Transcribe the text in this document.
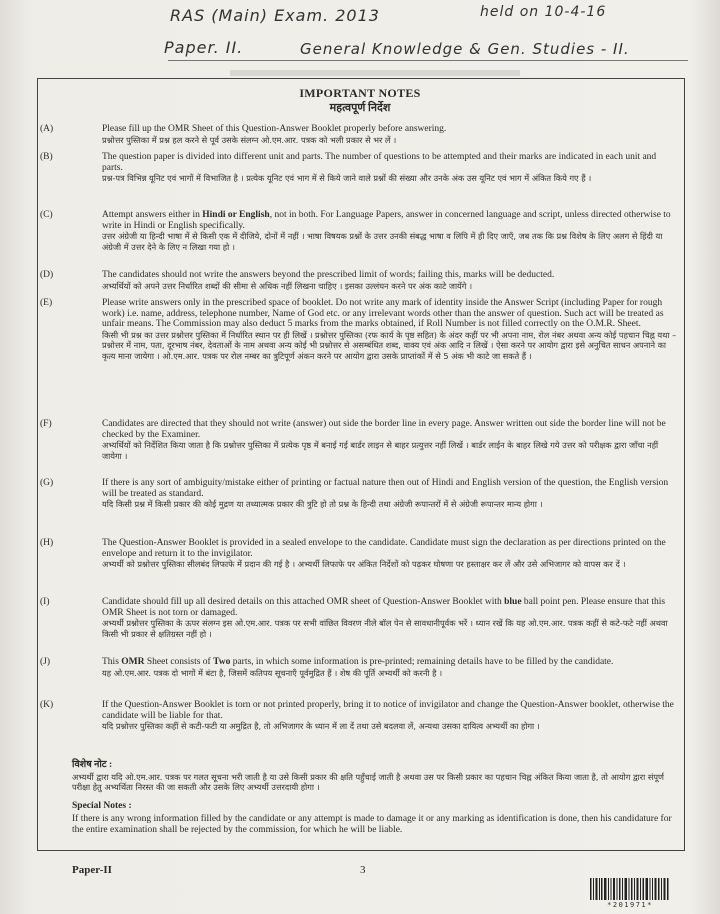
RAS (Main) Exam. 2013	held on 10-4-16
Paper. II.	General Knowledge & Gen. Studies - II.
IMPORTANT NOTES
महत्वपूर्ण निर्देश
(A)	Please fill up the OMR Sheet of this Question-Answer Booklet properly before answering.

प्रश्नोत्तर पुस्तिका में प्रश्न हल करने से पूर्व उसके संलग्न ओ.एम.आर. पत्रक को भली प्रकार से भर लें ।

(B)	The question paper is divided into different unit and parts. The number of questions to be attempted and their marks are indicated in each unit and parts.

प्रश्न-पत्र विभिन्न यूनिट एवं भागों में विभाजित है । प्रत्येक यूनिट एवं भाग में से किये जाने वाले प्रश्नों की संख्या और उनके अंक उस यूनिट एवं भाग में अंकित किये गए हैं ।

(C)	Attempt answers either in Hindi or English, not in both. For Language Papers, answer in concerned language and script, unless directed otherwise to write in Hindi or English specifically.

उत्तर अंग्रेजी या हिन्दी भाषा में से किसी एक में दीजिये, दोनों में नहीं । भाषा विषयक प्रश्नों के उत्तर उनकी संबद्ध भाषा व लिपि में ही दिए जाएँ, जब तक कि प्रश्न विशेष के लिए अलग से हिंदी या अंग्रेजी में उत्तर देने के लिए न लिखा गया हो ।

(D)	The candidates should not write the answers beyond the prescribed limit of words; failing this, marks will be deducted.

अभ्यर्थियों को अपने उत्तर निर्धारित शब्दों की सीमा से अधिक नहीं लिखना चाहिए । इसका उल्लंघन करने पर अंक काटे जायेंगे ।

(E)	Please write answers only in the prescribed space of booklet. Do not write any mark of identity inside the Answer Script (including Paper for rough work) i.e. name, address, telephone number, Name of God etc. or any irrelevant words other than the answer of question. Such act will be treated as unfair means. The Commission may also deduct 5 marks from the marks obtained, if Roll Number is not filled correctly on the O.M.R. Sheet.

किसी भी प्रश्न का उत्तर प्रश्नोत्तर पुस्तिका में निर्धारित स्थान पर ही लिखें । प्रश्नोत्तर पुस्तिका (रफ कार्य के पृष्ठ सहित) के अंदर कहीं पर भी अपना नाम, रोल नंबर अथवा अन्य कोई पहचान चिह्न यथा – प्रश्नोत्तर में नाम, पता, दूरभाष नंबर, देवताओं के नाम अथवा अन्य कोई भी प्रश्नोत्तर से असम्बंधित शब्द, वाक्य एवं अंक आदि न लिखें । ऐसा करने पर आयोग द्वारा इसे अनुचित साधन अपनाने का कृत्य माना जायेगा । ओ.एम.आर. पत्रक पर रोल नम्बर का त्रुटिपूर्ण अंकन करने पर आयोग द्वारा उसके प्राप्तांकों में से 5 अंक भी काटे जा सकते हैं ।

(F)	Candidates are directed that they should not write (answer) out side the border line in every page. Answer written out side the border line will not be checked by the Examiner.

अभ्यर्थियों को निर्देशित किया जाता है कि प्रश्नोत्तर पुस्तिका में प्रत्येक पृष्ठ में बनाई गई बार्डर लाइन से बाहर प्रत्युत्तर नहीं लिखें । बार्डर लाईन के बाहर लिखे गये उत्तर को परीक्षक द्वारा जाँचा नहीं जायेगा ।

(G)	If there is any sort of ambiguity/mistake either of printing or factual nature then out of Hindi and English version of the question, the English version will be treated as standard.

यदि किसी प्रश्न में किसी प्रकार की कोई मुद्रण या तथ्यात्मक प्रकार की त्रुटि हो तो प्रश्न के हिन्दी तथा अंग्रेजी रूपान्तरों में से अंग्रेजी रूपान्तर मान्य होगा ।

(H)	The Question-Answer Booklet is provided in a sealed envelope to the candidate. Candidate must sign the declaration as per directions printed on the envelope and return it to the invigilator.

अभ्यर्थी को प्रश्नोत्तर पुस्तिका सीलबंद लिफाफे में प्रदान की गई है । अभ्यर्थी लिफाफे पर अंकित निर्देशों को पढ़कर घोषणा पर हस्ताक्षर कर लें और उसे अभिजागर को वापस कर दें ।

(I)	Candidate should fill up all desired details on this attached OMR sheet of Question-Answer Booklet with blue ball point pen. Please ensure that this OMR Sheet is not torn or damaged.

अभ्यर्थी प्रश्नोत्तर पुस्तिका के ऊपर संलग्न इस ओ.एम.आर. पत्रक पर सभी वांछित विवरण नीले बॉल पेन से सावधानीपूर्वक भरें । ध्यान रखें कि यह ओ.एम.आर. पत्रक कहीं से कटे-फटे नहीं अथवा किसी भी प्रकार से क्षतिग्रस्त नहीं हो ।

(J)	This OMR Sheet consists of Two parts, in which some information is pre-printed; remaining details have to be filled by the candidate.

यह ओ.एम.आर. पत्रक दो भागों में बंटा है, जिसमें कतिपय सूचनाएँ पूर्वमुद्रित हैं । शेष की पूर्ति अभ्यर्थी को करनी है ।

(K)	If the Question-Answer Booklet is torn or not printed properly, bring it to notice of invigilator and change the Question-Answer booklet, otherwise the candidate will be liable for that.

यदि प्रश्नोत्तर पुस्तिका कहीं से कटी-फटी या अमुद्रित है, तो अभिजागर के ध्यान में ला दें तथा उसे बदलवा लें, अन्यथा उसका दायित्व अभ्यर्थी का होगा ।

विशेष नोट :

अभ्यर्थी द्वारा यदि ओ.एम.आर. पत्रक पर गलत सूचना भरी जाती है या उसे किसी प्रकार की क्षति पहुँचाई जाती है अथवा उस पर किसी प्रकार का पहचान चिह्न अंकित किया जाता है, तो आयोग द्वारा संपूर्ण परीक्षा हेतु अभ्यर्थिता निरस्त की जा सकती और उसके लिए अभ्यर्थी उत्तरदायी होगा ।

Special Notes :

If there is any wrong information filled by the candidate or any attempt is made to damage it or any marking as identification is done, then his candidature for the entire examination shall be rejected by the commission, for which he will be liable.

Paper-II	3
*201971*
